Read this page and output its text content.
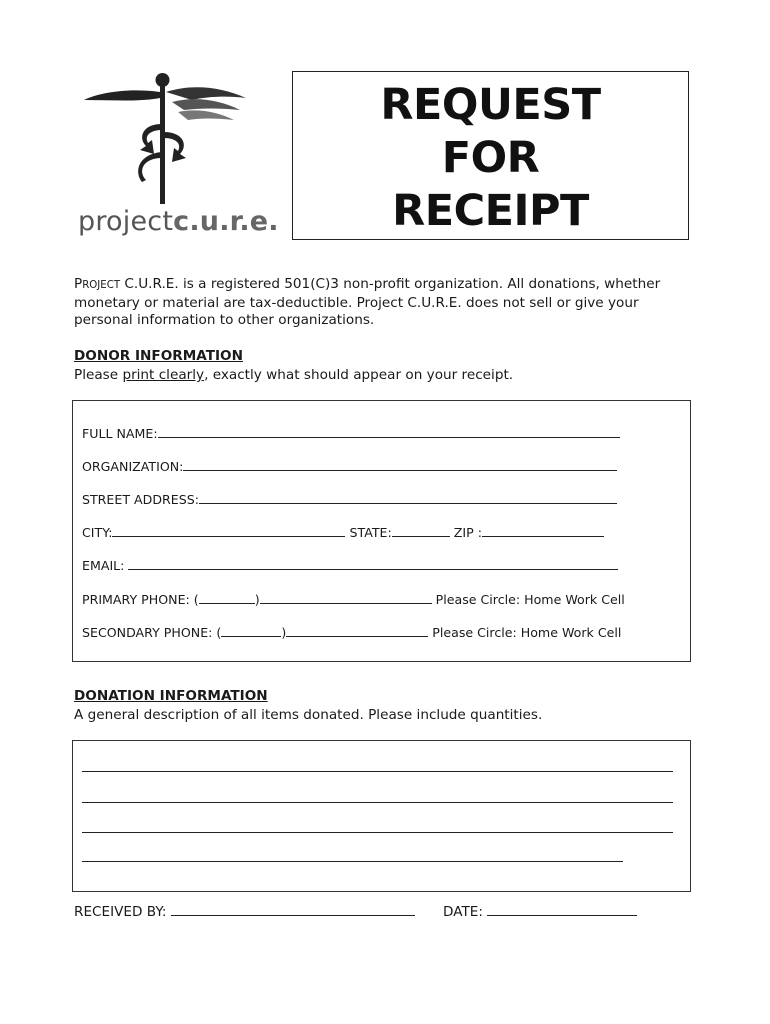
projectc.u.r.e.
REQUEST
FOR
RECEIPT
PROJECT C.U.R.E. is a registered 501(C)3 non-profit organization. All donations, whether monetary or material are tax-deductible. Project C.U.R.E. does not sell or give your personal information to other organizations.
DONOR INFORMATION
Please print clearly, exactly what should appear on your receipt.
FULL NAME:
ORGANIZATION:
STREET ADDRESS:
CITY:	STATE:	ZIP :
EMAIL:
PRIMARY PHONE: (	)	Please Circle: Home Work Cell
SECONDARY PHONE: (	)	Please Circle: Home Work Cell
DONATION INFORMATION
A general description of all items donated. Please include quantities.
RECEIVED BY:	DATE:
